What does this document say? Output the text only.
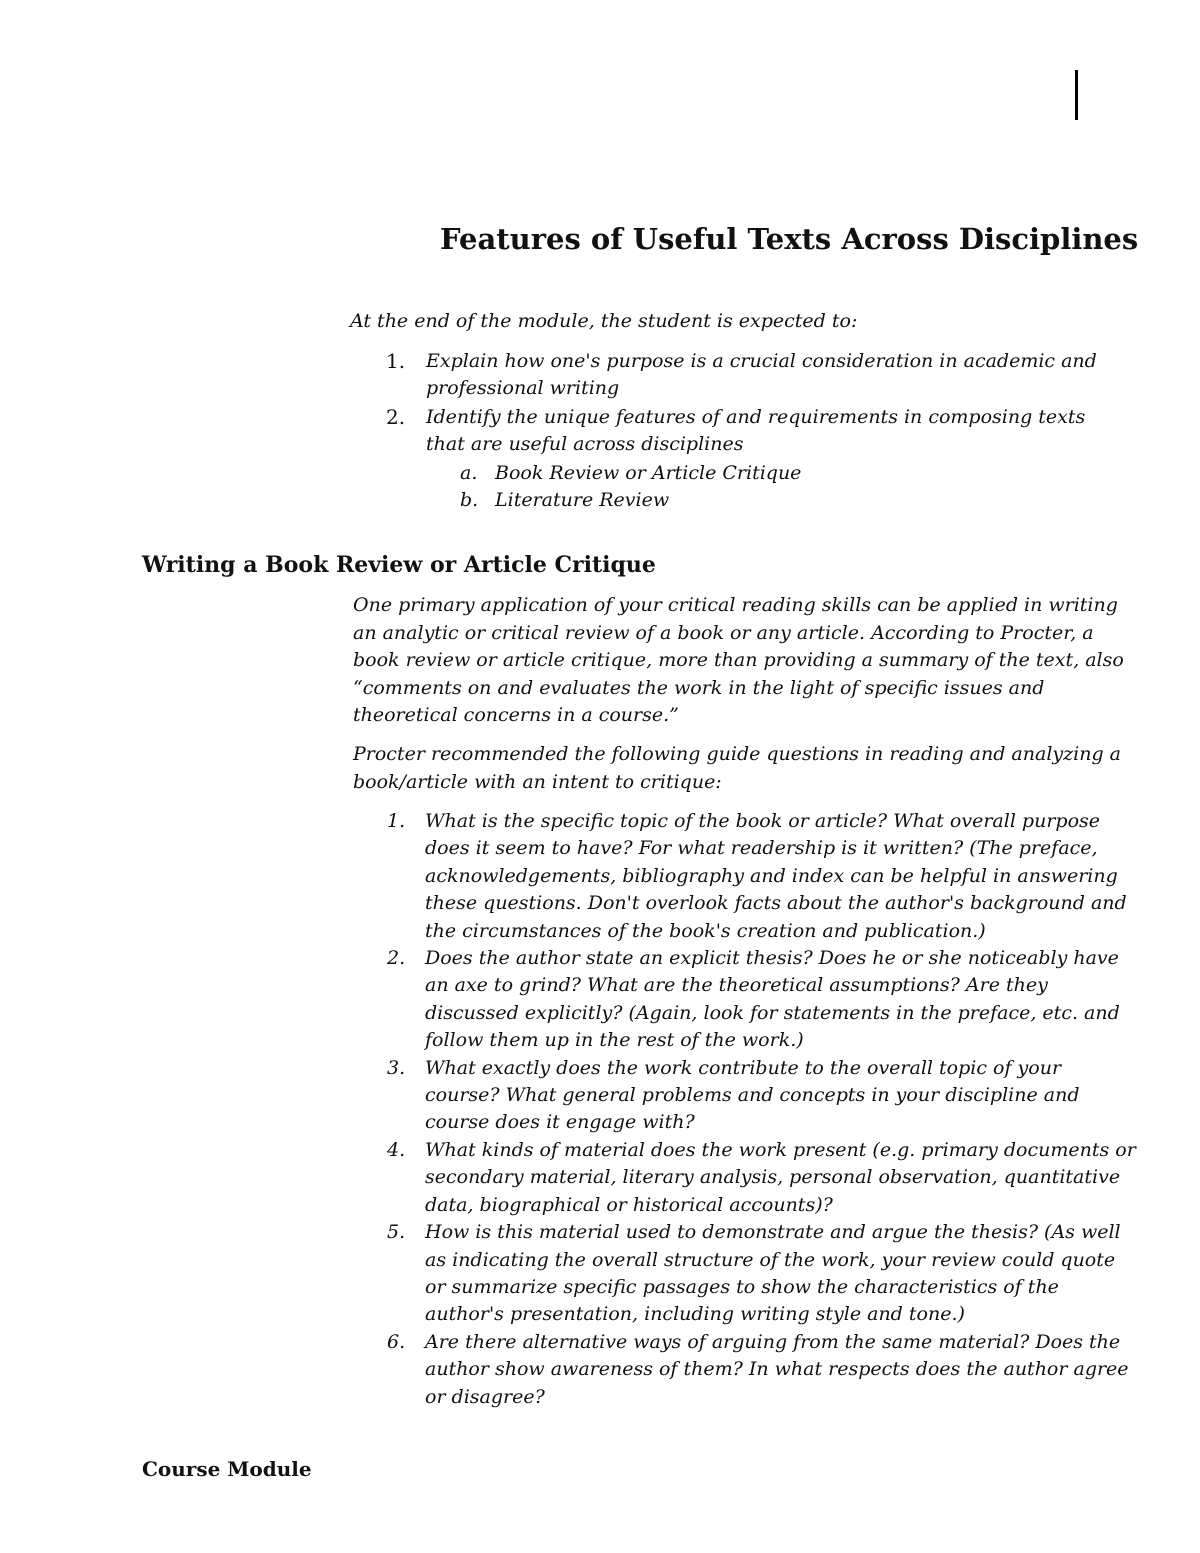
Features of Useful Texts Across Disciplines

At the end of the module, the student is expected to:

1. Explain how one's purpose is a crucial consideration in academic and professional writing
2. Identify the unique features of and requirements in composing texts that are useful across disciplines
a. Book Review or Article Critique
b. Literature Review
Writing a Book Review or Article Critique

One primary application of your critical reading skills can be applied in writing an analytic or critical review of a book or any article. According to Procter, a book review or article critique, more than providing a summary of the text, also “comments on and evaluates the work in the light of specific issues and theoretical concerns in a course.”

Procter recommended the following guide questions in reading and analyzing a book/article with an intent to critique:

1. What is the specific topic of the book or article? What overall purpose does it seem to have? For what readership is it written? (The preface, acknowledgements, bibliography and index can be helpful in answering these questions. Don't overlook facts about the author's background and the circumstances of the book's creation and publication.)
2. Does the author state an explicit thesis? Does he or she noticeably have an axe to grind? What are the theoretical assumptions? Are they discussed explicitly? (Again, look for statements in the preface, etc. and follow them up in the rest of the work.)
3. What exactly does the work contribute to the overall topic of your course? What general problems and concepts in your discipline and course does it engage with?
4. What kinds of material does the work present (e.g. primary documents or secondary material, literary analysis, personal observation, quantitative data, biographical or historical accounts)?
5. How is this material used to demonstrate and argue the thesis? (As well as indicating the overall structure of the work, your review could quote or summarize specific passages to show the characteristics of the author's presentation, including writing style and tone.)
6. Are there alternative ways of arguing from the same material? Does the author show awareness of them? In what respects does the author agree or disagree?

Course Module
